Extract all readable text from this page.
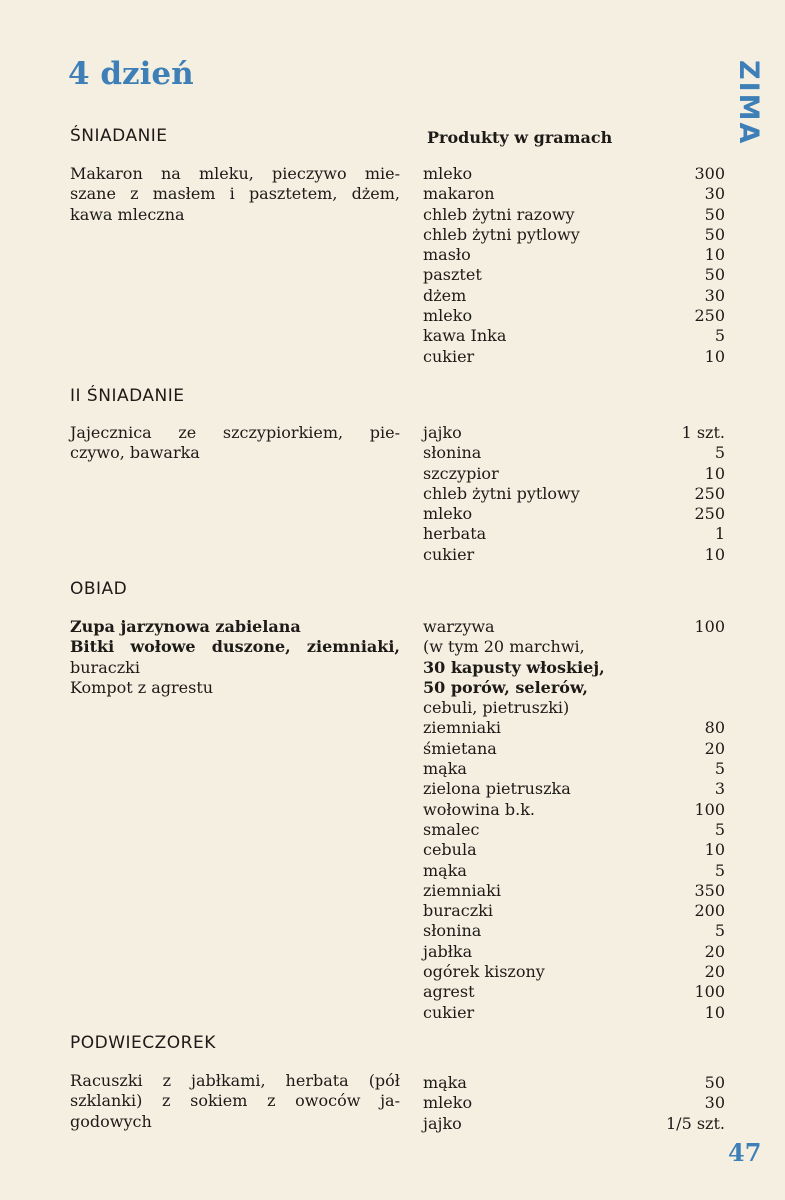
4 dzień	ZIMA
Produkty w gramach
ŚNIADANIE
Makaron na mleku, pieczywo mie-
szane z masłem i pasztetem, dżem,
kawa mleczna
mleko	300
makaron	30
chleb żytni razowy	50
chleb żytni pytlowy	50
masło	10
pasztet	50
dżem	30
mleko	250
kawa Inka	5
cukier	10
II ŚNIADANIE
Jajecznica ze szczypiorkiem, pie-
czywo, bawarka
jajko	1 szt.
słonina	5
szczypior	10
chleb żytni pytlowy	250
mleko	250
herbata	1
cukier	10
OBIAD
Zupa jarzynowa zabielana
Bitki wołowe duszone, ziemniaki,
buraczki
Kompot z agrestu
warzywa	100
(w tym 20 marchwi,
30 kapusty włoskiej,
50 porów, selerów,
cebuli, pietruszki)
ziemniaki	80
śmietana	20
mąka	5
zielona pietruszka	3
wołowina b.k.	100
smalec	5
cebula	10
mąka	5
ziemniaki	350
buraczki	200
słonina	5
jabłka	20
ogórek kiszony	20
agrest	100
cukier	10
PODWIECZOREK
Racuszki z jabłkami, herbata (pół
szklanki) z sokiem z owoców ja-
godowych
mąka	50
mleko	30
jajko	1/5 szt.
47
